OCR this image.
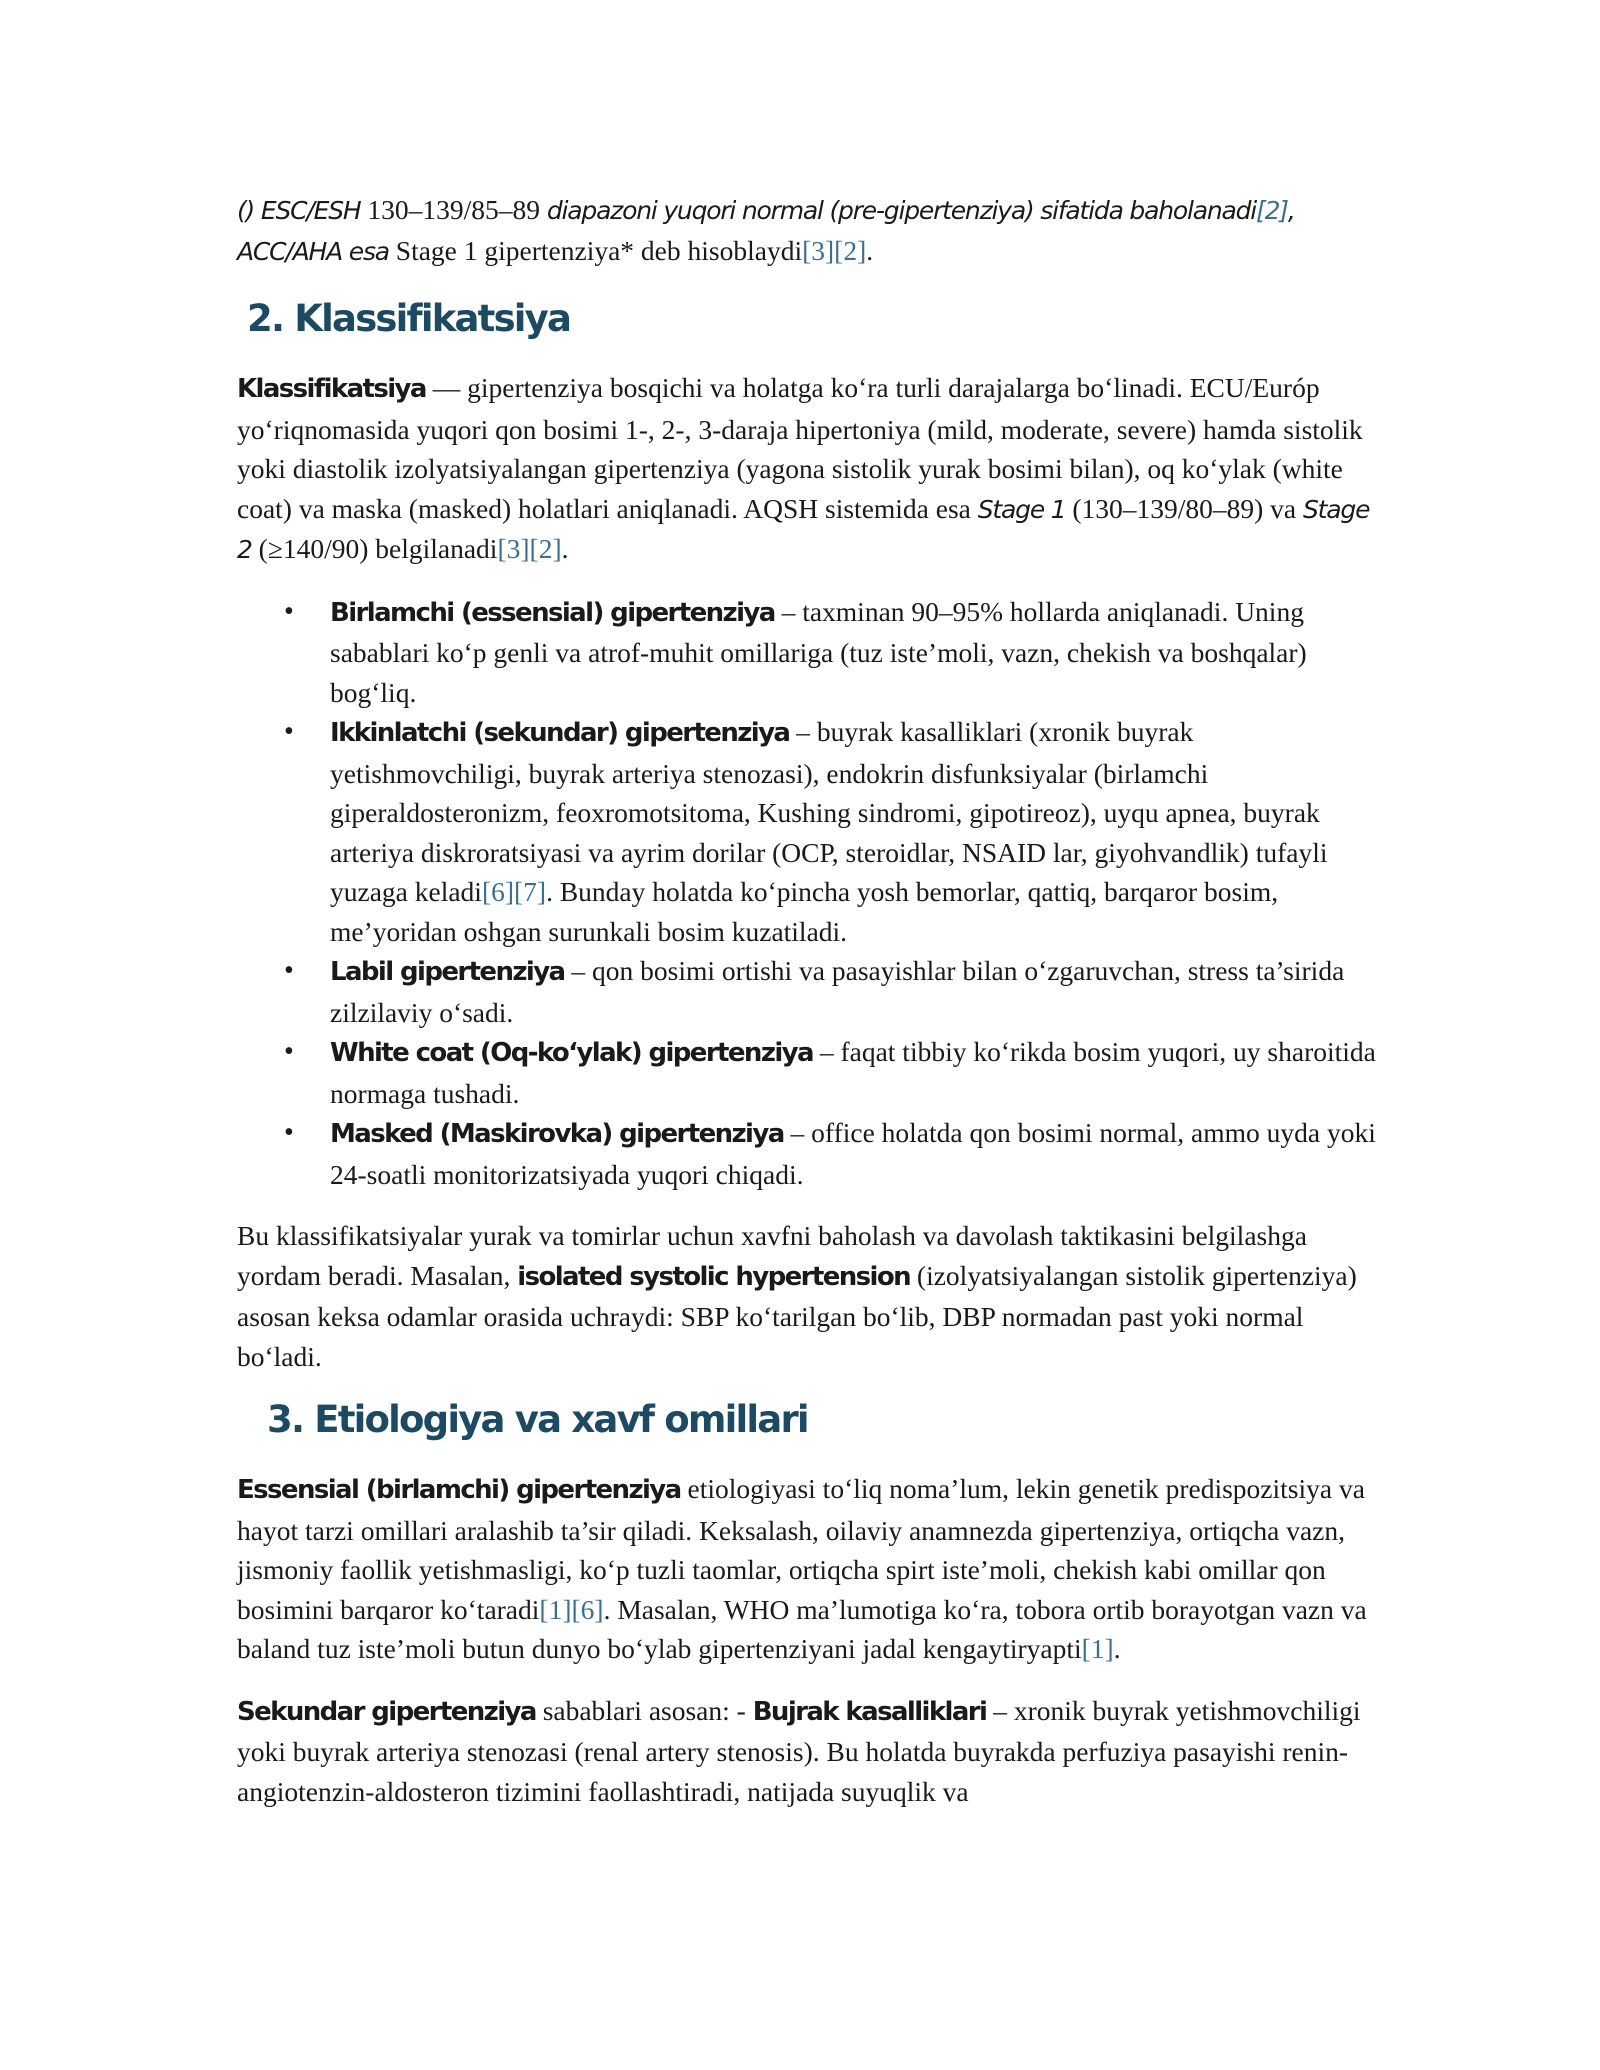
() ESC/ESH 130–139/85–89 diapazoni yuqori normal (pre-gipertenziya) sifatida baholanadi[2],
ACC/AHA esa Stage 1 gipertenziya* deb hisoblaydi[3][2].

2. Klassifikatsiya

Klassifikatsiya — gipertenziya bosqichi va holatga ko‘ra turli darajalarga bo‘linadi. ECU/Európ yo‘riqnomasida yuqori qon bosimi 1-, 2-, 3-daraja hipertoniya (mild, moderate, severe) hamda sistolik yoki diastolik izolyatsiyalangan gipertenziya (yagona sistolik yurak bosimi bilan), oq ko‘ylak (white coat) va maska (masked) holatlari aniqlanadi. AQSH sistemida esa Stage 1 (130–139/80–89) va Stage 2 (≥140/90) belgilanadi[3][2].

• Birlamchi (essensial) gipertenziya – taxminan 90–95% hollarda aniqlanadi. Uning sabablari ko‘p genli va atrof-muhit omillariga (tuz iste’moli, vazn, chekish va boshqalar) bog‘liq.
• Ikkinlatchi (sekundar) gipertenziya – buyrak kasalliklari (xronik buyrak yetishmovchiligi, buyrak arteriya stenozasi), endokrin disfunksiyalar (birlamchi giperaldosteronizm, feoxromotsitoma, Kushing sindromi, gipotireoz), uyqu apnea, buyrak arteriya diskroratsiyasi va ayrim dorilar (OCP, steroidlar, NSAID lar, giyohvandlik) tufayli yuzaga keladi[6][7]. Bunday holatda ko‘pincha yosh bemorlar, qattiq, barqaror bosim, me’yoridan oshgan surunkali bosim kuzatiladi.
• Labil gipertenziya – qon bosimi ortishi va pasayishlar bilan o‘zgaruvchan, stress ta’sirida zilzilaviy o‘sadi.
• White coat (Oq-ko‘ylak) gipertenziya – faqat tibbiy ko‘rikda bosim yuqori, uy sharoitida normaga tushadi.
• Masked (Maskirovka) gipertenziya – office holatda qon bosimi normal, ammo uyda yoki 24-soatli monitorizatsiyada yuqori chiqadi.

Bu klassifikatsiyalar yurak va tomirlar uchun xavfni baholash va davolash taktikasini belgilashga yordam beradi. Masalan, isolated systolic hypertension (izolyatsiyalangan sistolik gipertenziya) asosan keksa odamlar orasida uchraydi: SBP ko‘tarilgan bo‘lib, DBP normadan past yoki normal bo‘ladi.

3. Etiologiya va xavf omillari

Essensial (birlamchi) gipertenziya etiologiyasi to‘liq noma’lum, lekin genetik predispozitsiya va hayot tarzi omillari aralashib ta’sir qiladi. Keksalash, oilaviy anamnezda gipertenziya, ortiqcha vazn, jismoniy faollik yetishmasligi, ko‘p tuzli taomlar, ortiqcha spirt iste’moli, chekish kabi omillar qon bosimini barqaror ko‘taradi[1][6]. Masalan, WHO ma’lumotiga ko‘ra, tobora ortib borayotgan vazn va baland tuz iste’moli butun dunyo bo‘ylab gipertenziyani jadal kengaytiryapti[1].

Sekundar gipertenziya sabablari asosan: - Bujrak kasalliklari – xronik buyrak yetishmovchiligi yoki buyrak arteriya stenozasi (renal artery stenosis). Bu holatda buyrakda perfuziya pasayishi renin-angiotenzin-aldosteron tizimini faollashtiradi, natijada suyuqlik va
